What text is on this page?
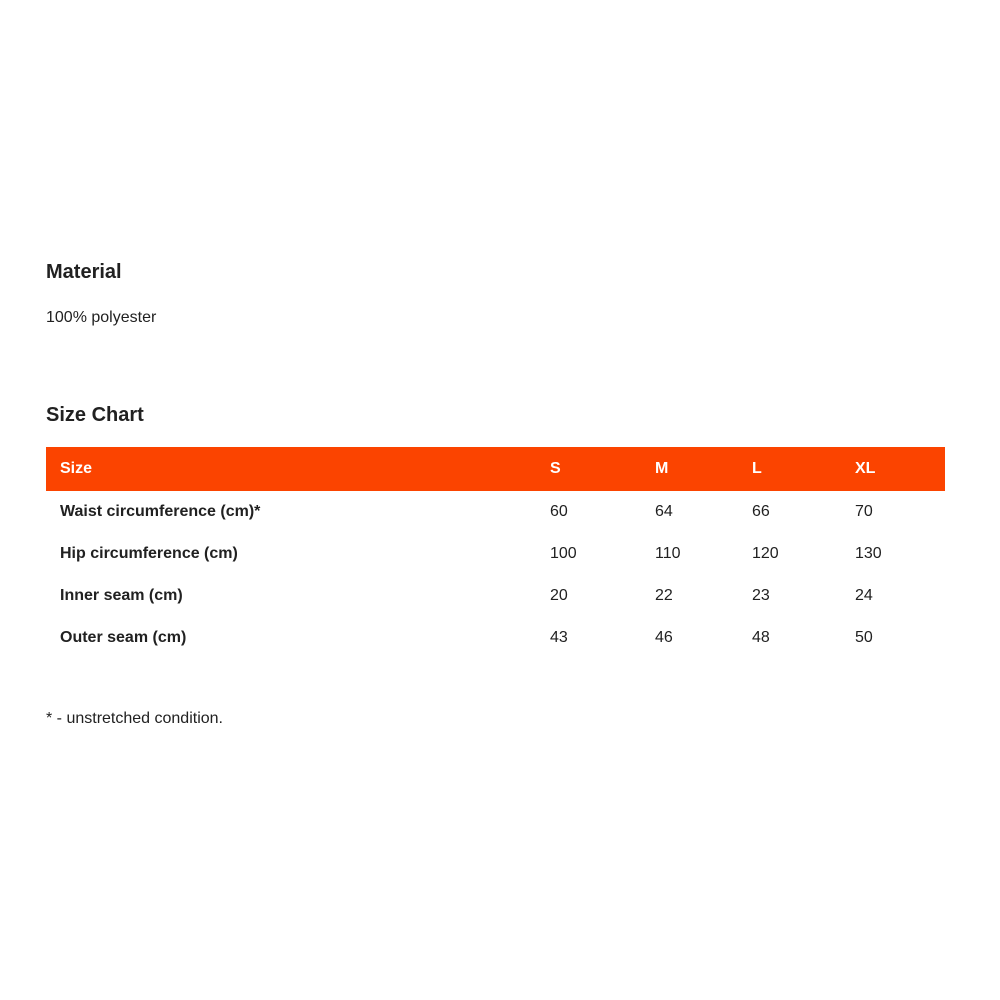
Material

100% polyester

Size Chart
Size	S	M	L	XL
Waist circumference (cm)*	60	64	66	70
Hip circumference (cm)	100	110	120	130
Inner seam (cm)	20	22	23	24
Outer seam (cm)	43	46	48	50

* - unstretched condition.
